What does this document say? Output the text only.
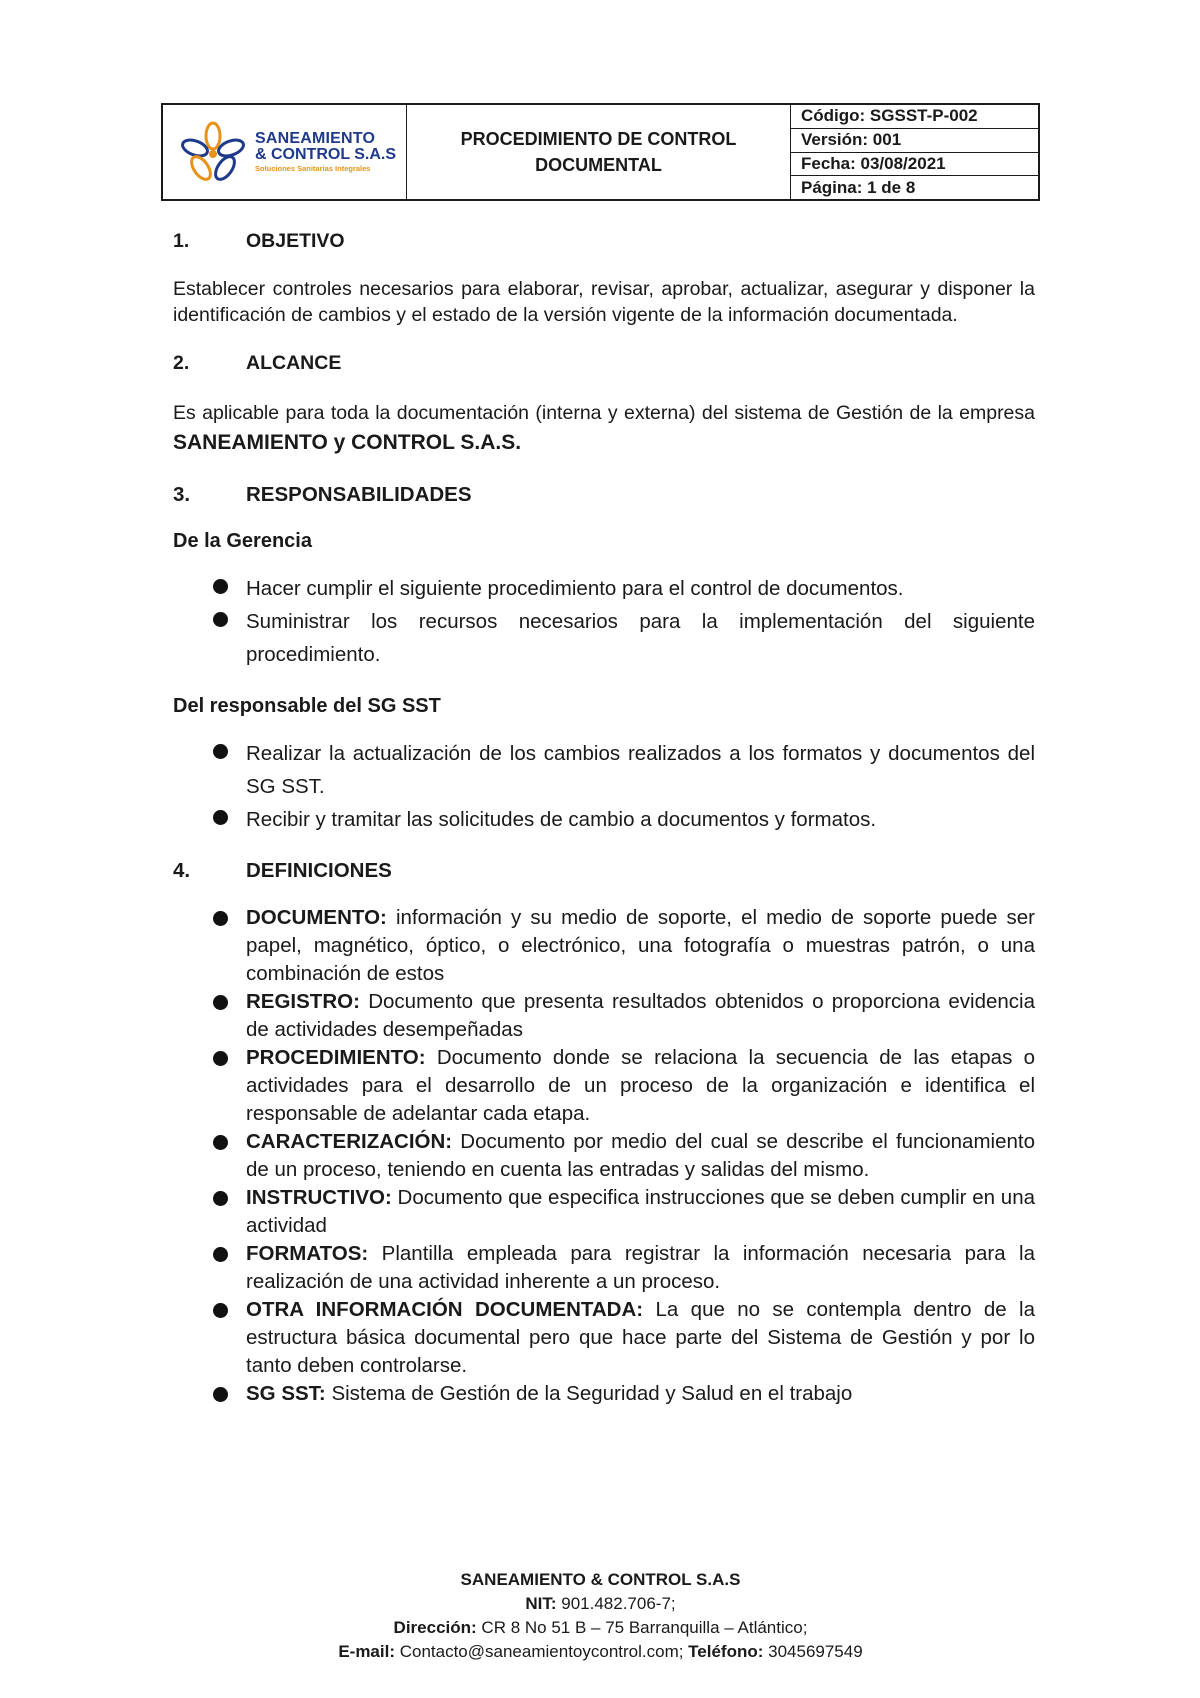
SANEAMIENTO
& CONTROL S.A.S
Soluciones Sanitarias Integrales
PROCEDIMIENTO DE CONTROL DOCUMENTAL
Código: SGSST-P-002
Versión: 001
Fecha: 03/08/2021
Página: 1 de 8
1.	OBJETIVO

Establecer controles necesarios para elaborar, revisar, aprobar, actualizar, asegurar y disponer la identificación de cambios y el estado de la versión vigente de la información documentada.

2.	ALCANCE

Es aplicable para toda la documentación (interna y externa) del sistema de Gestión de la empresa SANEAMIENTO y CONTROL S.A.S.

3.	RESPONSABILIDADES
De la Gerencia
Hacer cumplir el siguiente procedimiento para el control de documentos.
Suministrar los recursos necesarios para la implementación del siguiente procedimiento.
Del responsable del SG SST
Realizar la actualización de los cambios realizados a los formatos y documentos del SG SST.
Recibir y tramitar las solicitudes de cambio a documentos y formatos.
4.	DEFINICIONES
DOCUMENTO: información y su medio de soporte, el medio de soporte puede ser papel, magnético, óptico, o electrónico, una fotografía o muestras patrón, o una combinación de estos
REGISTRO: Documento que presenta resultados obtenidos o proporciona evidencia de actividades desempeñadas
PROCEDIMIENTO: Documento donde se relaciona la secuencia de las etapas o actividades para el desarrollo de un proceso de la organización e identifica el responsable de adelantar cada etapa.
CARACTERIZACIÓN: Documento por medio del cual se describe el funcionamiento de un proceso, teniendo en cuenta las entradas y salidas del mismo.
INSTRUCTIVO: Documento que especifica instrucciones que se deben cumplir en una actividad
FORMATOS: Plantilla empleada para registrar la información necesaria para la realización de una actividad inherente a un proceso.
OTRA INFORMACIÓN DOCUMENTADA: La que no se contempla dentro de la estructura básica documental pero que hace parte del Sistema de Gestión y por lo tanto deben controlarse.
SG SST: Sistema de Gestión de la Seguridad y Salud en el trabajo
SANEAMIENTO & CONTROL S.A.S
NIT: 901.482.706-7;
Dirección: CR 8 No 51 B – 75 Barranquilla – Atlántico;
E-mail: Contacto@saneamientoycontrol.com; Teléfono: 3045697549
